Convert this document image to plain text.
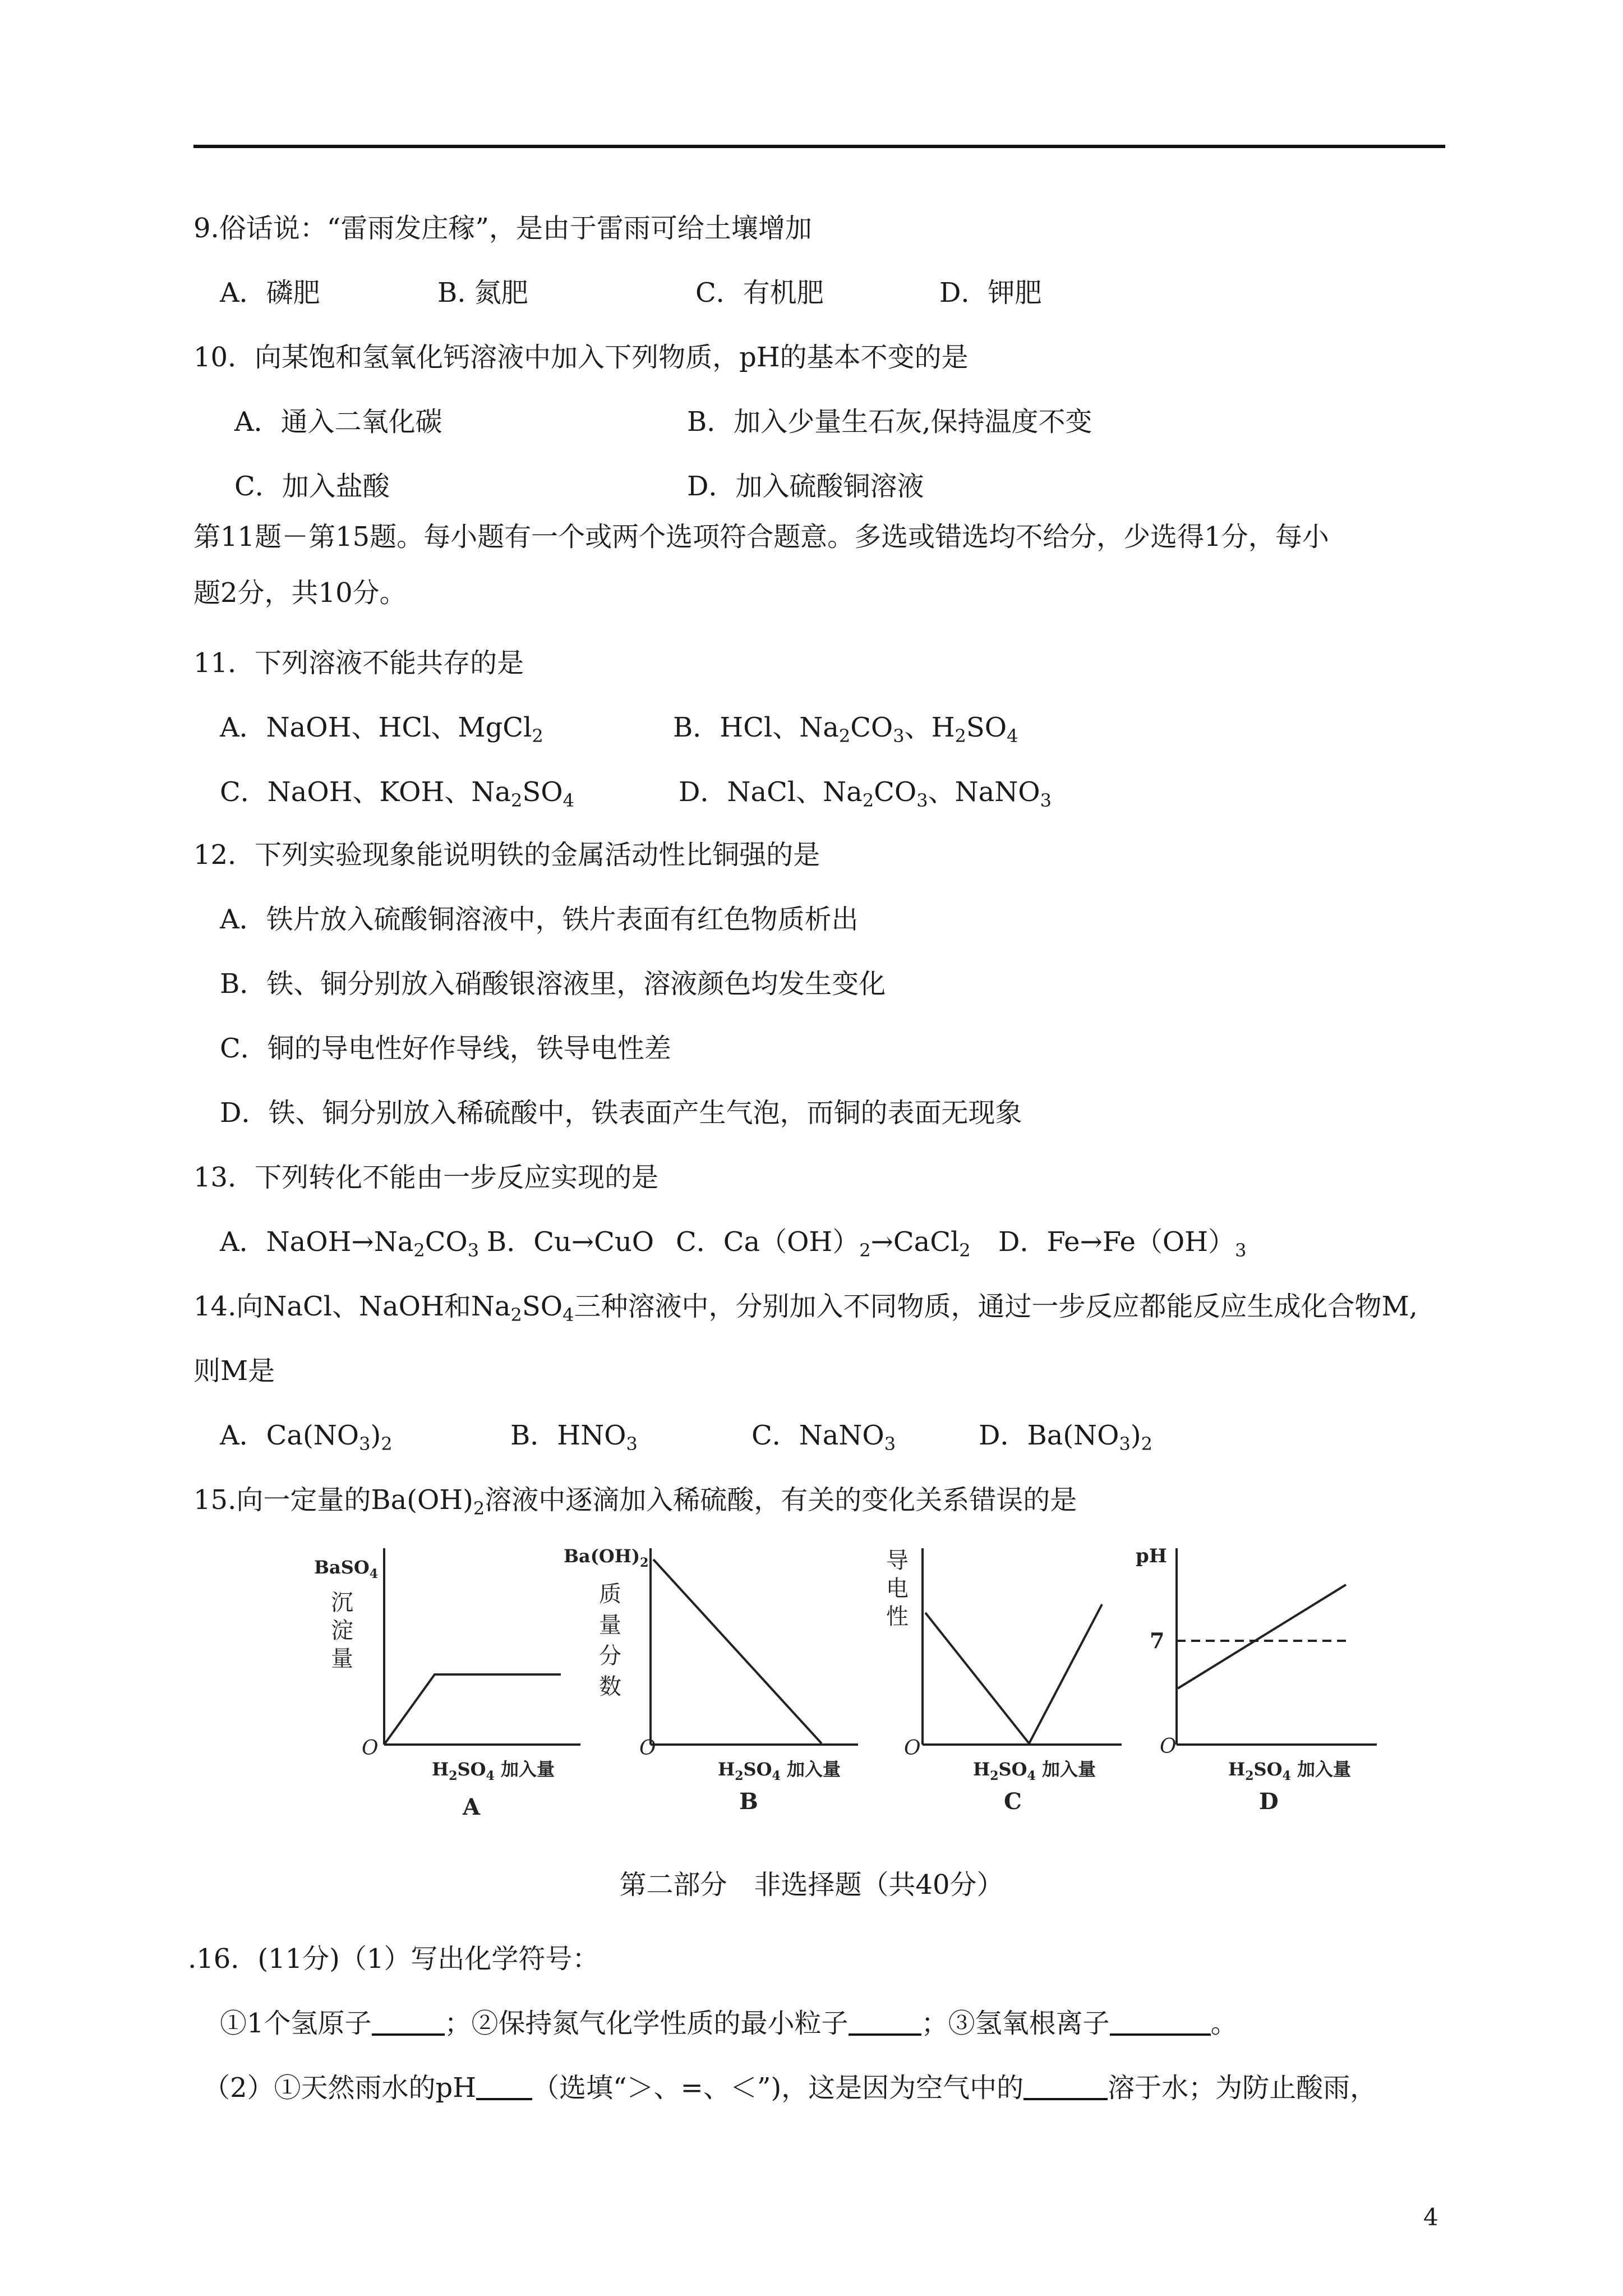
9.俗话说：“雷雨发庄稼”，是由于雷雨可给土壤增加
A．磷肥	B. 氮肥	C．有机肥	D．钾肥
10．向某饱和氢氧化钙溶液中加入下列物质，pH的基本不变的是
A．通入二氧化碳	B．加入少量生石灰,保持温度不变
C．加入盐酸	D．加入硫酸铜溶液
第11题－第15题。每小题有一个或两个选项符合题意。多选或错选均不给分，少选得1分，每小
题2分，共10分。
11．下列溶液不能共存的是
A．NaOH、HCl、MgCl$_2$	B．HCl、$Na_2CO_3$、$H_2SO_4$
C．NaOH、KOH、$Na_2SO_4$	D．NaCl、$Na_2CO_3$、NaNO$_3$
12．下列实验现象能说明铁的金属活动性比铜强的是
A．铁片放入硫酸铜溶液中，铁片表面有红色物质析出
B．铁、铜分别放入硝酸银溶液里，溶液颜色均发生变化
C．铜的导电性好作导线，铁导电性差
D．铁、铜分别放入稀硫酸中，铁表面产生气泡，而铜的表面无现象
13．下列转化不能由一步反应实现的是
A．$NaOH\to Na_2CO_3$ B．Cu→CuO C．$Ca(OH)_2\to CaCl_2$ D．$Fe\to Fe(OH)_3$
14.向NaCl、NaOH和$Na_2SO_4$三种溶液中，分别加入不同物质，通过一步反应都能反应生成化合物M,
则M是
A．$Ca(NO_3)_2$	B．$HNO_3$	C．NaNO$_3$	D．$Ba(NO_3)_2$
15.向一定量的$Ba(OH)_2$溶液中逐滴加入稀硫酸，有关的变化关系错误的是
BaSO$_4$
沉
淀
量
O
$H_2SO_4$ 加入量
A
$Ba(OH)_2$
质
量
分
数
O
$H_2SO_4$ 加入量
B
导
电
性
O
$H_2SO_4$ 加入量
C
pH
7
O
$H_2SO_4$ 加入量
D
第二部分　非选择题（共40分）
.16．(11分)（1）写出化学符号：
①1个氢原子	；②保持氮气化学性质的最小粒子	；③氢氧根离子	。
（2）①天然雨水的pH （选填“＞、=、＜”)，这是因为空气中的	溶于水；为防止酸雨，
4
